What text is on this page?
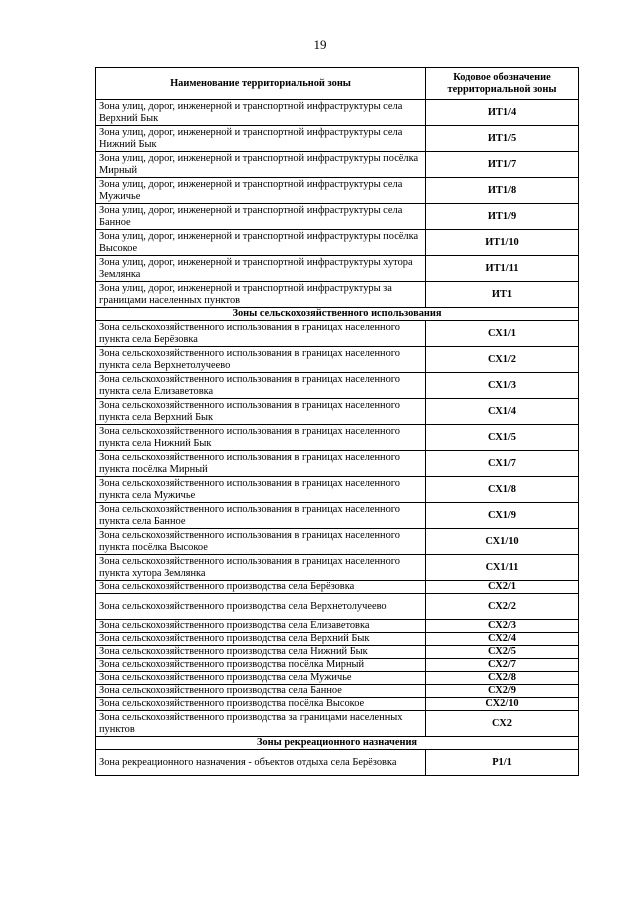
19
Наименование территориальной зоны	Кодовое обозначение территориальной зоны
Зона улиц, дорог, инженерной и транспортной инфраструктуры села Верхний Бык	ИТ1/4
Зона улиц, дорог, инженерной и транспортной инфраструктуры села Нижний Бык	ИТ1/5
Зона улиц, дорог, инженерной и транспортной инфраструктуры посёлка Мирный	ИТ1/7
Зона улиц, дорог, инженерной и транспортной инфраструктуры села Мужичье	ИТ1/8
Зона улиц, дорог, инженерной и транспортной инфраструктуры села Банное	ИТ1/9
Зона улиц, дорог, инженерной и транспортной инфраструктуры посёлка Высокое	ИТ1/10
Зона улиц, дорог, инженерной и транспортной инфраструктуры хутора Землянка	ИТ1/11
Зона улиц, дорог, инженерной и транспортной инфраструктуры за границами населенных пунктов	ИТ1
Зоны сельскохозяйственного использования	
Зона сельскохозяйственного использования в границах населенного пункта села Берёзовка	СХ1/1
Зона сельскохозяйственного использования в границах населенного пункта села Верхнетолучеево	СХ1/2
Зона сельскохозяйственного использования в границах населенного пункта села Елизаветовка	СХ1/3
Зона сельскохозяйственного использования в границах населенного пункта села Верхний Бык	СХ1/4
Зона сельскохозяйственного использования в границах населенного пункта села Нижний Бык	СХ1/5
Зона сельскохозяйственного использования в границах населенного пункта посёлка Мирный	СХ1/7
Зона сельскохозяйственного использования в границах населенного пункта села Мужичье	СХ1/8
Зона сельскохозяйственного использования в границах населенного пункта села Банное	СХ1/9
Зона сельскохозяйственного использования в границах населенного пункта посёлка Высокое	СХ1/10
Зона сельскохозяйственного использования в границах населенного пункта хутора Землянка	СХ1/11
Зона сельскохозяйственного производства села Берёзовка	СХ2/1
Зона сельскохозяйственного производства села Верхнетолучеево	СХ2/2
Зона сельскохозяйственного производства села Елизаветовка	СХ2/3
Зона сельскохозяйственного производства села Верхний Бык	СХ2/4
Зона сельскохозяйственного производства села Нижний Бык	СХ2/5
Зона сельскохозяйственного производства посёлка Мирный	СХ2/7
Зона сельскохозяйственного производства села Мужичье	СХ2/8
Зона сельскохозяйственного производства села Банное	СХ2/9
Зона сельскохозяйственного производства посёлка Высокое	СХ2/10
Зона сельскохозяйственного производства за границами населенных пунктов	СХ2
Зоны рекреационного назначения	
Зона рекреационного назначения - объектов отдыха села Берёзовка	Р1/1
